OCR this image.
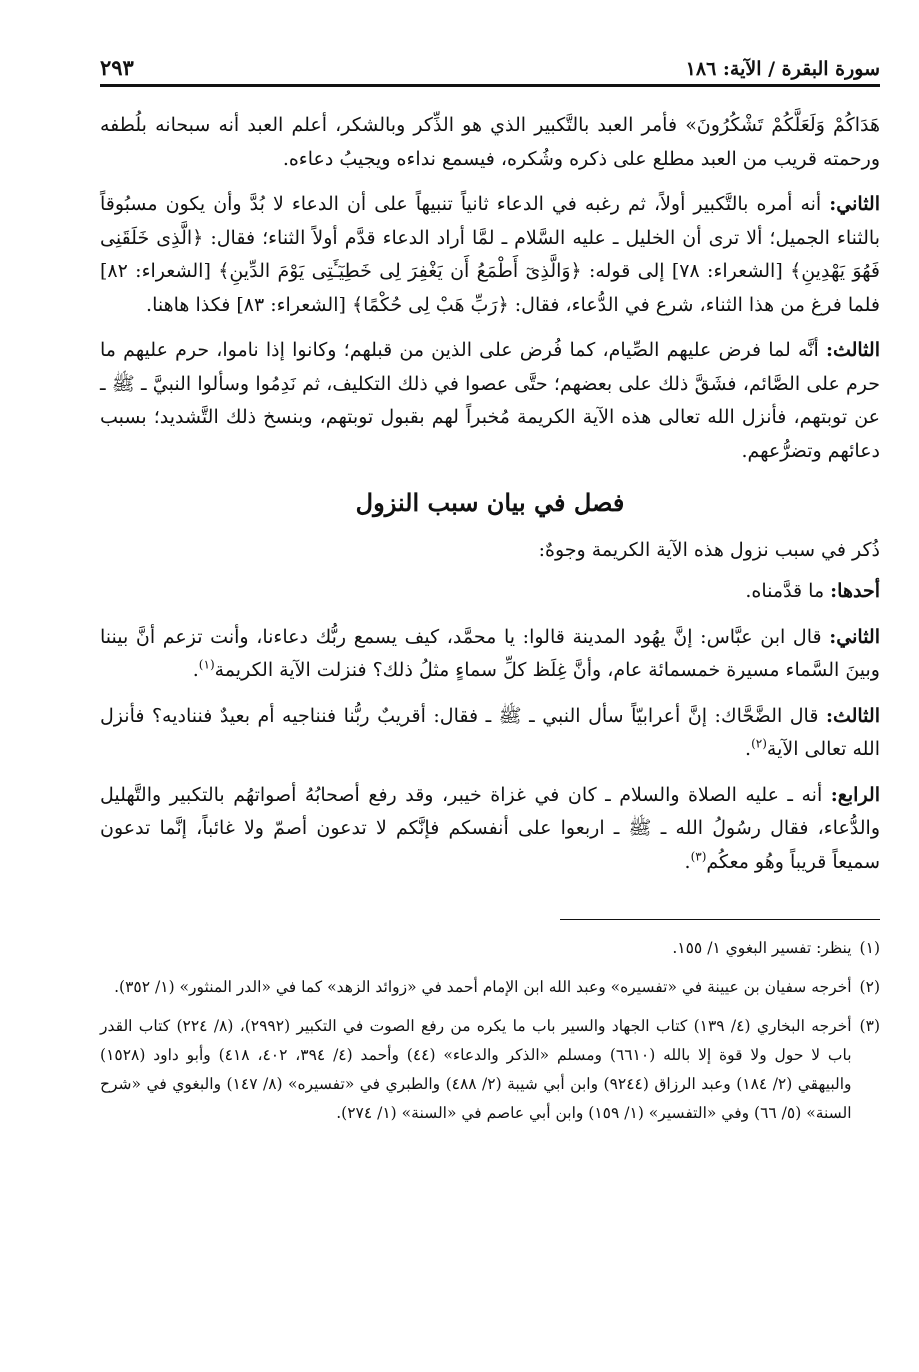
سورة البقرة / الآية: ١٨٦
٢٩٣

هَدَاكُمْ وَلَعَلَّكُمْ تَشْكُرُونَ» فأمر العبد بالتَّكبير الذي هو الذِّكر وبالشكر، أعلم العبد أنه سبحانه بلُطفه ورحمته قريب من العبد مطلع على ذكره وشُكره، فيسمع نداءه ويجيبُ دعاءه.

الثاني: أنه أمره بالتَّكبير أولاً، ثم رغبه في الدعاء ثانياً تنبيهاً على أن الدعاء لا بُدَّ وأن يكون مسبُوقاً بالثناء الجميل؛ ألا ترى أن الخليل ـ عليه السَّلام ـ لمَّا أراد الدعاء قدَّم أولاً الثناء؛ فقال: ﴿الَّذِى خَلَقَنِى فَهُوَ يَهْدِينِ﴾ [الشعراء: ٧٨] إلى قوله: ﴿وَالَّذِىٓ أَطْمَعُ أَن يَغْفِرَ لِى خَطِيٓـَٔتِى يَوْمَ الدِّينِ﴾ [الشعراء: ٨٢] فلما فرغ من هذا الثناء، شرع في الدُّعاء، فقال: ﴿رَبِّ هَبْ لِى حُكْمًا﴾ [الشعراء: ٨٣] فكذا هاهنا.

الثالث: أنَّه لما فرض عليهم الصِّيام، كما فُرض على الذين من قبلهم؛ وكانوا إذا ناموا، حرم عليهم ما حرم على الصَّائم، فشَقَّ ذلك على بعضهم؛ حتَّى عصوا في ذلك التكليف، ثم نَدِمُوا وسألوا النبيَّ ـ ﷺ ـ عن توبتهم، فأنزل الله تعالى هذه الآية الكريمة مُخبراً لهم بقبول توبتهم، وبنسخ ذلك التَّشديد؛ بسبب دعائهم وتضرُّعهم.

فصل في بيان سبب النزول

ذُكر في سبب نزول هذه الآية الكريمة وجوهٌ:

أحدها: ما قدَّمناه.

الثاني: قال ابن عبَّاس: إنَّ يهُود المدينة قالوا: يا محمَّد، كيف يسمع ربُّك دعاءنا، وأنت تزعم أنَّ بيننا وبينَ السَّماء مسيرة خمسمائة عام، وأنَّ غِلَظ كلِّ سماءٍ مثلُ ذلك؟ فنزلت الآية الكريمة$^{(١)}$.

الثالث: قال الضَّحَّاك: إنَّ أعرابيّاً سأل النبي ـ ﷺ ـ فقال: أقريبٌ ربُّنا فنناجيه أم بعيدٌ فنناديه؟ فأنزل الله تعالى الآية$^{(٢)}$.

الرابع: أنه ـ عليه الصلاة والسلام ـ كان في غزاة خيبر، وقد رفع أصحابُهُ أصواتهُم بالتكبير والتَّهليل والدُّعاء، فقال رسُولُ الله ـ ﷺ ـ اربعوا على أنفسكم فإنَّكم لا تدعون أصمّ ولا غائباً، إنَّما تدعون سميعاً قريباً وهُو معكُم$^{(٣)}$.

(١)
ينظر: تفسير البغوي ١/ ١٥٥.
(٢)
أخرجه سفيان بن عيينة في «تفسيره» وعبد الله ابن الإمام أحمد في «زوائد الزهد» كما في «الدر المنثور» (١/ ٣٥٢).
(٣)
أخرجه البخاري (٤/ ١٣٩) كتاب الجهاد والسير باب ما يكره من رفع الصوت في التكبير (٢٩٩٢)، (٨/ ٢٢٤) كتاب القدر باب لا حول ولا قوة إلا بالله (٦٦١٠) ومسلم «الذكر والدعاء» (٤٤) وأحمد (٤/ ٣٩٤، ٤٠٢، ٤١٨) وأبو داود (١٥٢٨) والبيهقي (٢/ ١٨٤) وعبد الرزاق (٩٢٤٤) وابن أبي شيبة (٢/ ٤٨٨) والطبري في «تفسيره» (٨/ ١٤٧) والبغوي في «شرح السنة» (٥/ ٦٦) وفي «التفسير» (١/ ١٥٩) وابن أبي عاصم في «السنة» (١/ ٢٧٤).
